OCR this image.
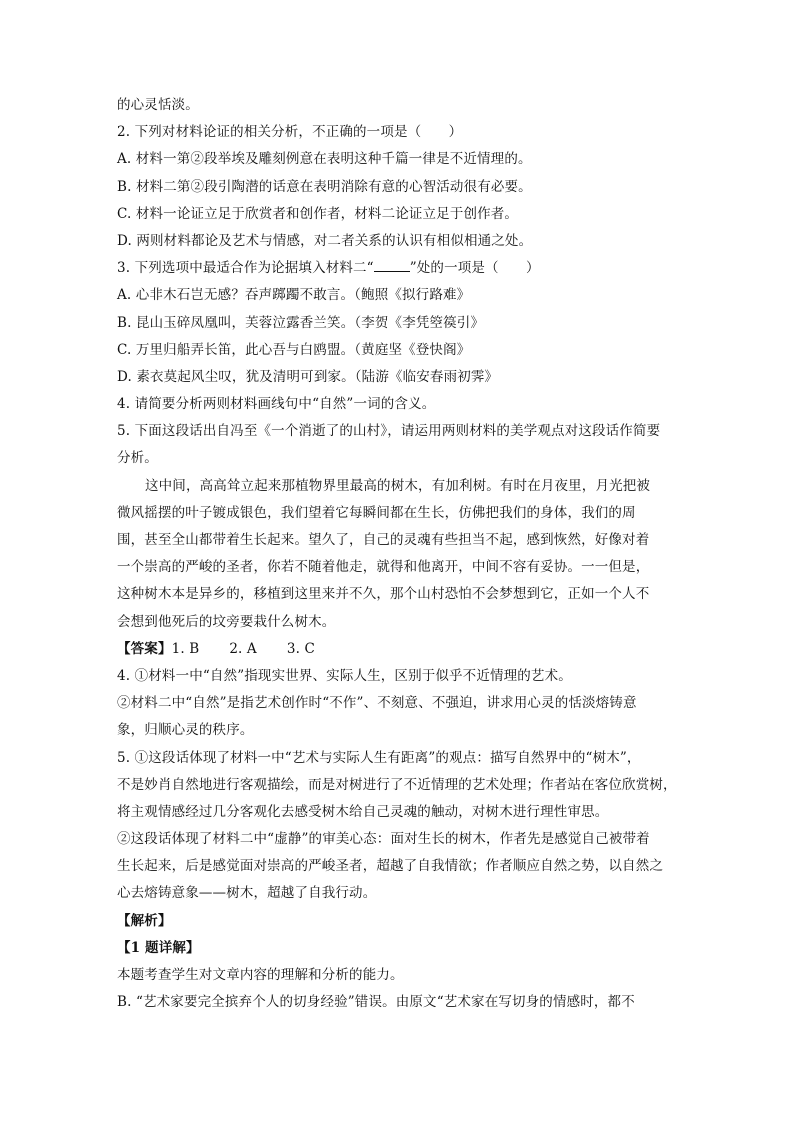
的心灵恬淡。
2. 下列对材料论证的相关分析，不正确的一项是（　　）
A. 材料一第②段举埃及雕刻例意在表明这种千篇一律是不近情理的。
B. 材料二第②段引陶潜的话意在表明消除有意的心智活动很有必要。
C. 材料一论证立足于欣赏者和创作者，材料二论证立足于创作者。
D. 两则材料都论及艺术与情感，对二者关系的认识有相似相通之处。
3. 下列选项中最适合作为论据填入材料二“	”处的一项是（　　）
A. 心非木石岂无感？吞声踯躅不敢言。（鲍照《拟行路难》
B. 昆山玉碎凤凰叫，芙蓉泣露香兰笑。（李贺《李凭箜篌引》
C. 万里归船弄长笛，此心吾与白鸥盟。（黄庭坚《登快阁》
D. 素衣莫起风尘叹，犹及清明可到家。（陆游《临安春雨初霁》
4. 请简要分析两则材料画线句中“自然”一词的含义。
5. 下面这段话出自冯至《一个消逝了的山村》，请运用两则材料的美学观点对这段话作简要
分析。
这中间，高高耸立起来那植物界里最高的树木，有加利树。有时在月夜里，月光把被
微风摇摆的叶子镀成银色，我们望着它每瞬间都在生长，仿佛把我们的身体，我们的周
围，甚至全山都带着生长起来。望久了，自己的灵魂有些担当不起，感到恢然，好像对着
一个崇高的严峻的圣者，你若不随着他走，就得和他离开，中间不容有妥协。一一但是，
这种树木本是异乡的，移植到这里来并不久，那个山村恐怕不会梦想到它，正如一个人不
会想到他死后的坟旁要栽什么树木。
【答案】1. B 2. A 3. C
4. ①材料一中“自然”指现实世界、实际人生，区别于似乎不近情理的艺术。
②材料二中“自然”是指艺术创作时“不作”、不刻意、不强迫，讲求用心灵的恬淡熔铸意
象，归顺心灵的秩序。
5. ①这段话体现了材料一中“艺术与实际人生有距离”的观点：描写自然界中的“树木”，
不是妙肖自然地进行客观描绘，而是对树进行了不近情理的艺术处理；作者站在客位欣赏树，
将主观情感经过几分客观化去感受树木给自己灵魂的触动，对树木进行理性审思。
②这段话体现了材料二中“虚静”的审美心态：面对生长的树木，作者先是感觉自己被带着
生长起来，后是感觉面对崇高的严峻圣者，超越了自我情欲；作者顺应自然之势，以自然之
心去熔铸意象——树木，超越了自我行动。
【解析】
【1 题详解】
本题考查学生对文章内容的理解和分析的能力。
B. “艺术家要完全摈弃个人的切身经验”错误。由原文“艺术家在写切身的情感时，都不
